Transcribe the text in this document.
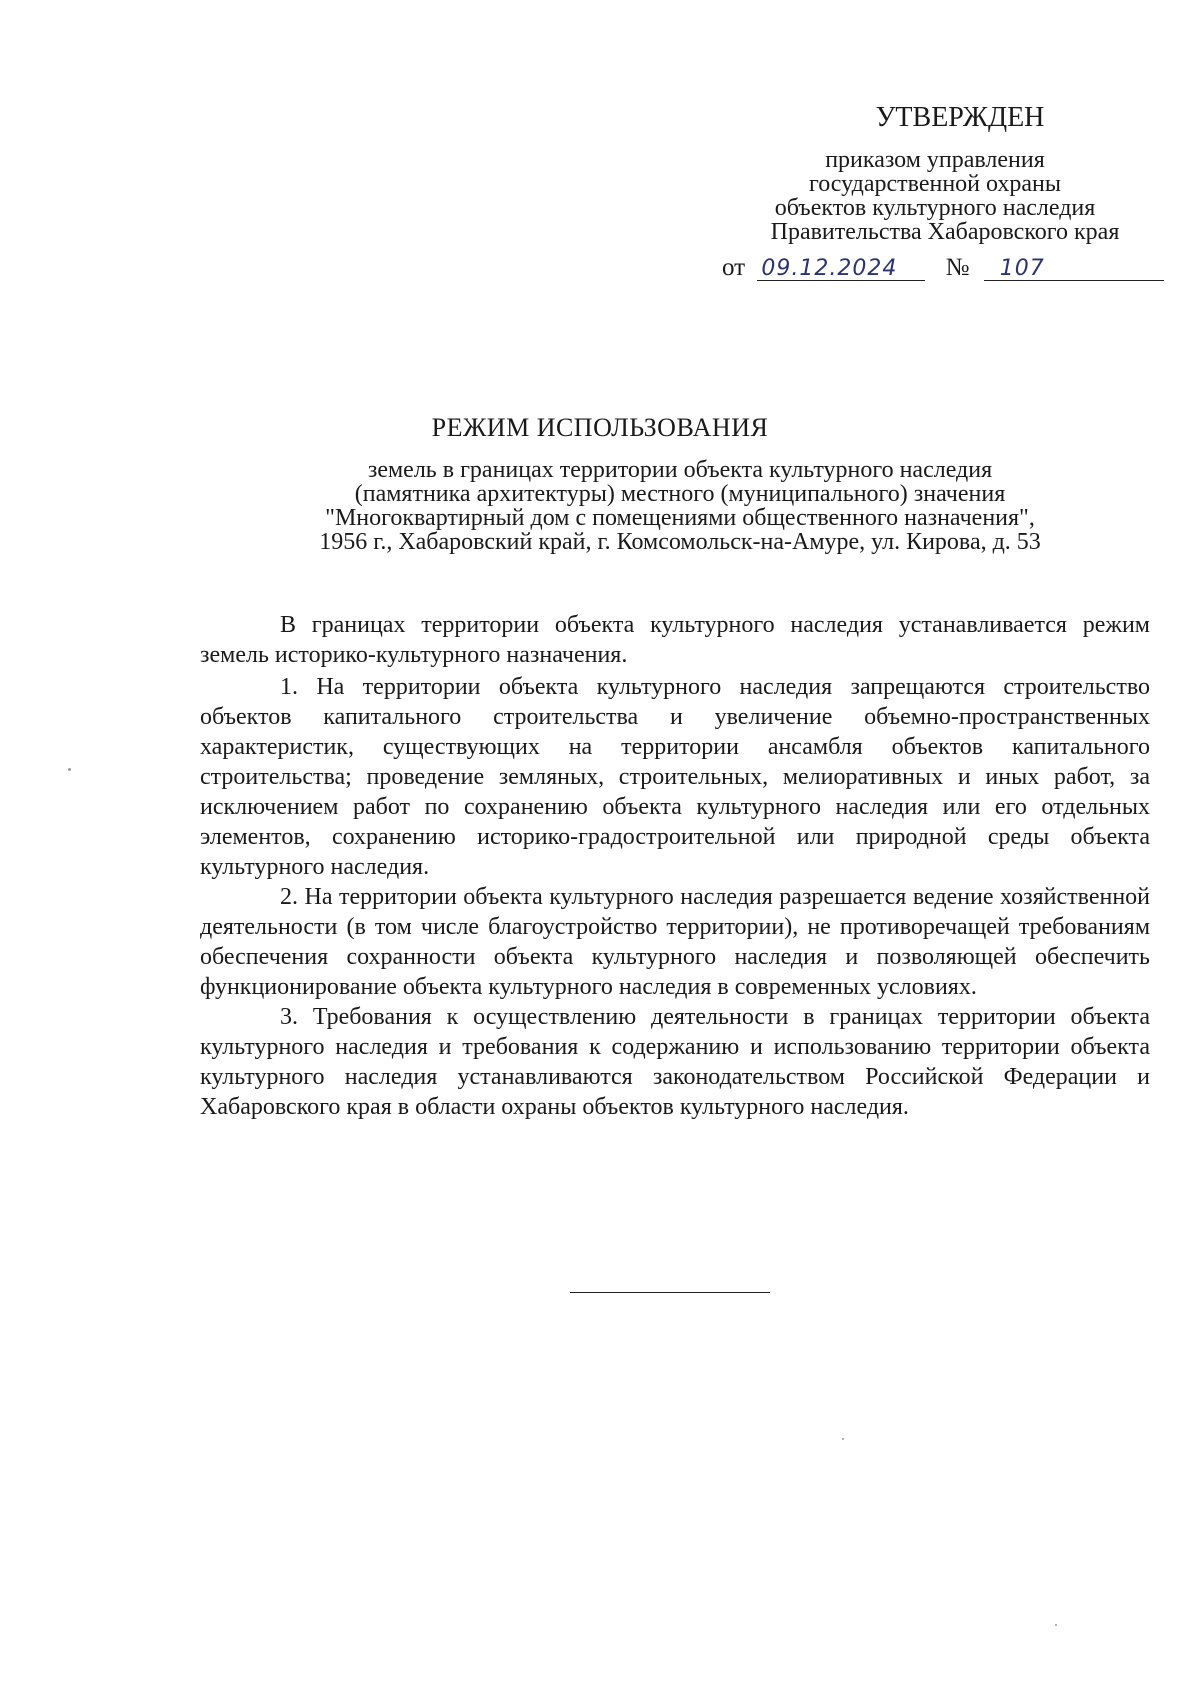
УТВЕРЖДЕН
приказом управления
государственной охраны
объектов культурного наследия
Правительства Хабаровского края
от 09.12.2024 № 107
РЕЖИМ ИСПОЛЬЗОВАНИЯ
земель в границах территории объекта культурного наследия
(памятника архитектуры) местного (муниципального) значения
"Многоквартирный дом с помещениями общественного назначения",
1956 г., Хабаровский край, г. Комсомольск-на-Амуре, ул. Кирова, д. 53

В границах территории объекта культурного наследия устанавливается режим земель историко-культурного назначения.

1. На территории объекта культурного наследия запрещаются строительство объектов капитального строительства и увеличение объемно-пространственных характеристик, существующих на территории ансамбля объектов капитального строительства; проведение земляных, строительных, мелиоративных и иных работ, за исключением работ по сохранению объекта культурного наследия или его отдельных элементов, сохранению историко-градостроительной или природной среды объекта культурного наследия.

2. На территории объекта культурного наследия разрешается ведение хозяйственной деятельности (в том числе благоустройство территории), не противоречащей требованиям обеспечения сохранности объекта культурного наследия и позволяющей обеспечить функционирование объекта культурного наследия в современных условиях.

3. Требования к осуществлению деятельности в границах территории объекта культурного наследия и требования к содержанию и использованию территории объекта культурного наследия устанавливаются законодательством Российской Федерации и Хабаровского края в области охраны объектов культурного наследия.
